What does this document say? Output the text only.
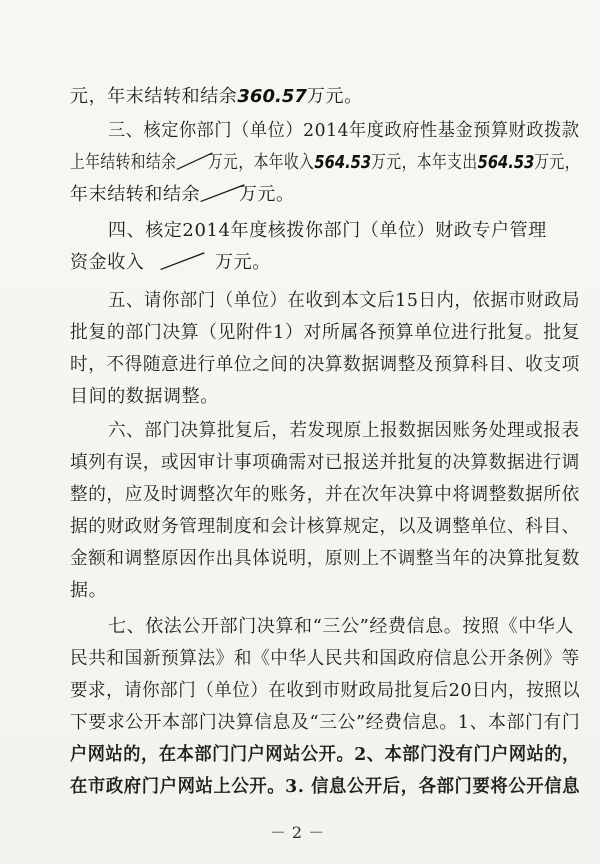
元，年末结转和结余360.57万元。
三、核定你部门（单位）2014年度政府性基金预算财政拨款
上年结转和结余／万元，本年收入564.53万元，本年支出564.53万元，
年末结转和结余／万元。
四、核定2014年度核拨你部门（单位）财政专户管理
资金收入 ／ 万元。
五、请你部门（单位）在收到本文后15日内，依据市财政局
批复的部门决算（见附件1）对所属各预算单位进行批复。批复
时，不得随意进行单位之间的决算数据调整及预算科目、收支项
目间的数据调整。
六、部门决算批复后，若发现原上报数据因账务处理或报表
填列有误，或因审计事项确需对已报送并批复的决算数据进行调
整的，应及时调整次年的账务，并在次年决算中将调整数据所依
据的财政财务管理制度和会计核算规定，以及调整单位、科目、
金额和调整原因作出具体说明，原则上不调整当年的决算批复数
据。
七、依法公开部门决算和“三公”经费信息。按照《中华人
民共和国新预算法》和《中华人民共和国政府信息公开条例》等
要求，请你部门（单位）在收到市财政局批复后20日内，按照以
下要求公开本部门决算信息及“三公”经费信息。1、本部门有门
户网站的，在本部门门户网站公开。2、本部门没有门户网站的，
在市政府门户网站上公开。3. 信息公开后，各部门要将公开信息
－2－
